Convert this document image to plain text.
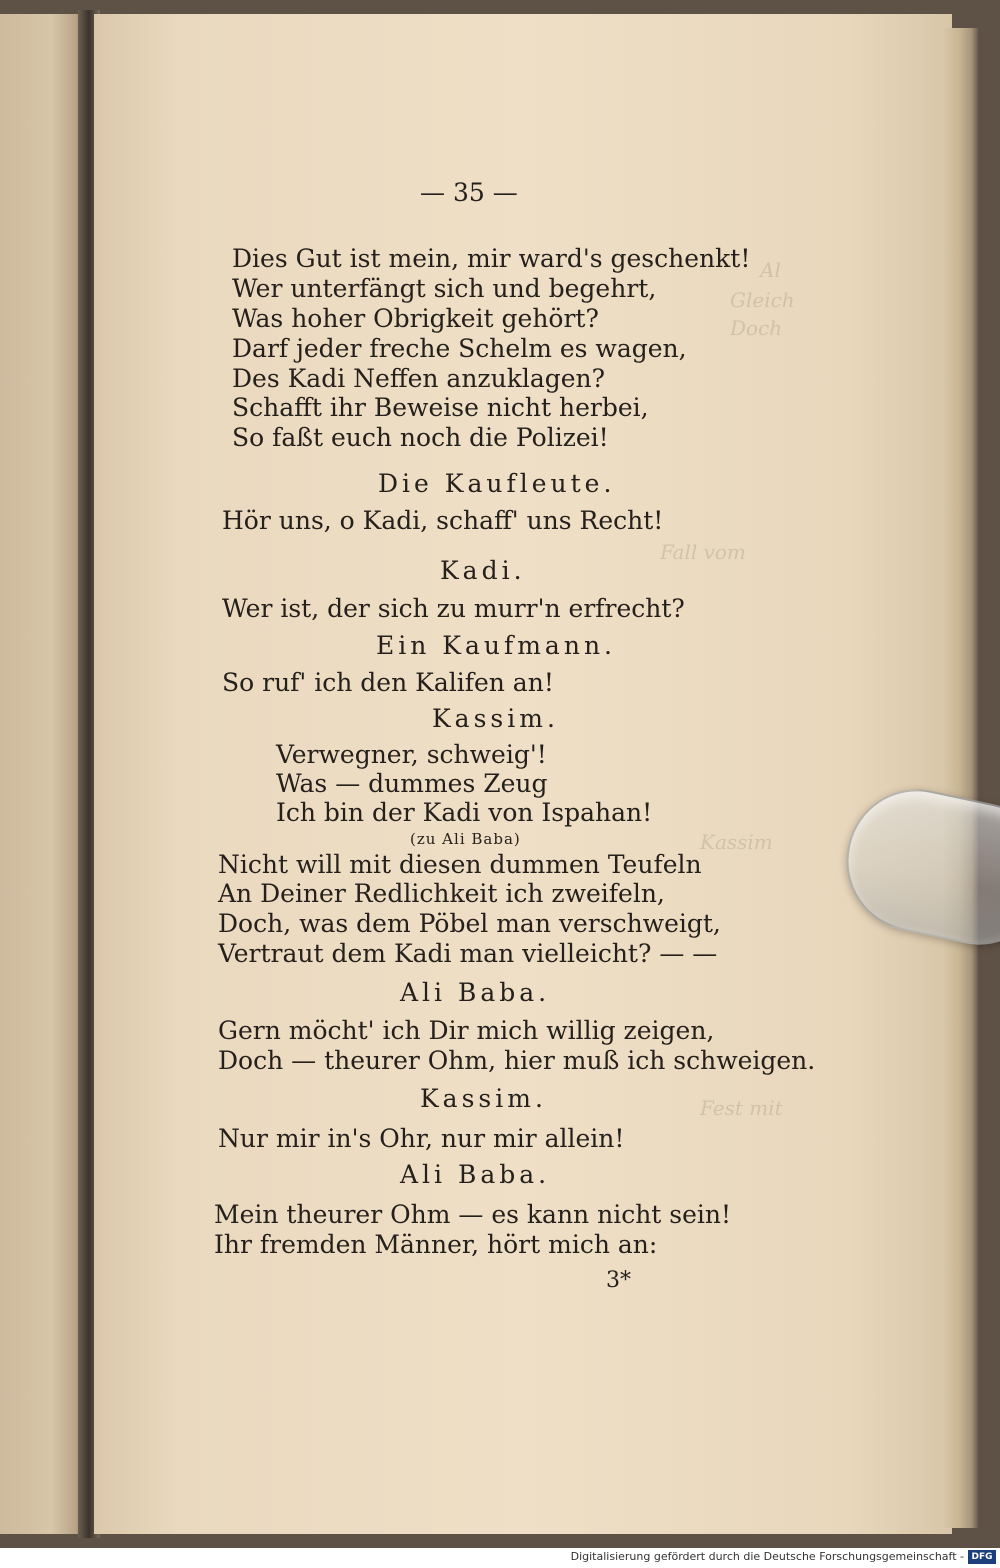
Al
Gleich
Doch
Fall vom
Kassim
Fest mit
— 35 —
Dies Gut ist mein, mir ward's geschenkt!
Wer unterfängt sich und begehrt,
Was hoher Obrigkeit gehört?
Darf jeder freche Schelm es wagen,
Des Kadi Neffen anzuklagen?
Schafft ihr Beweise nicht herbei,
So faßt euch noch die Polizei!
Die Kaufleute.
Hör uns, o Kadi, schaff' uns Recht!
Kadi.
Wer ist, der sich zu murr'n erfrecht?
Ein Kaufmann.
So ruf' ich den Kalifen an!
Kassim.
Verwegner, schweig'!
Was — dummes Zeug
Ich bin der Kadi von Ispahan!
(zu Ali Baba)
Nicht will mit diesen dummen Teufeln
An Deiner Redlichkeit ich zweifeln,
Doch, was dem Pöbel man verschweigt,
Vertraut dem Kadi man vielleicht? — —
Ali Baba.
Gern möcht' ich Dir mich willig zeigen,
Doch — theurer Ohm, hier muß ich schweigen.
Kassim.
Nur mir in's Ohr, nur mir allein!
Ali Baba.
Mein theurer Ohm — es kann nicht sein!
Ihr fremden Männer, hört mich an:
3*
Digitalisierung gefördert durch die Deutsche Forschungsgemeinschaft - DFG
